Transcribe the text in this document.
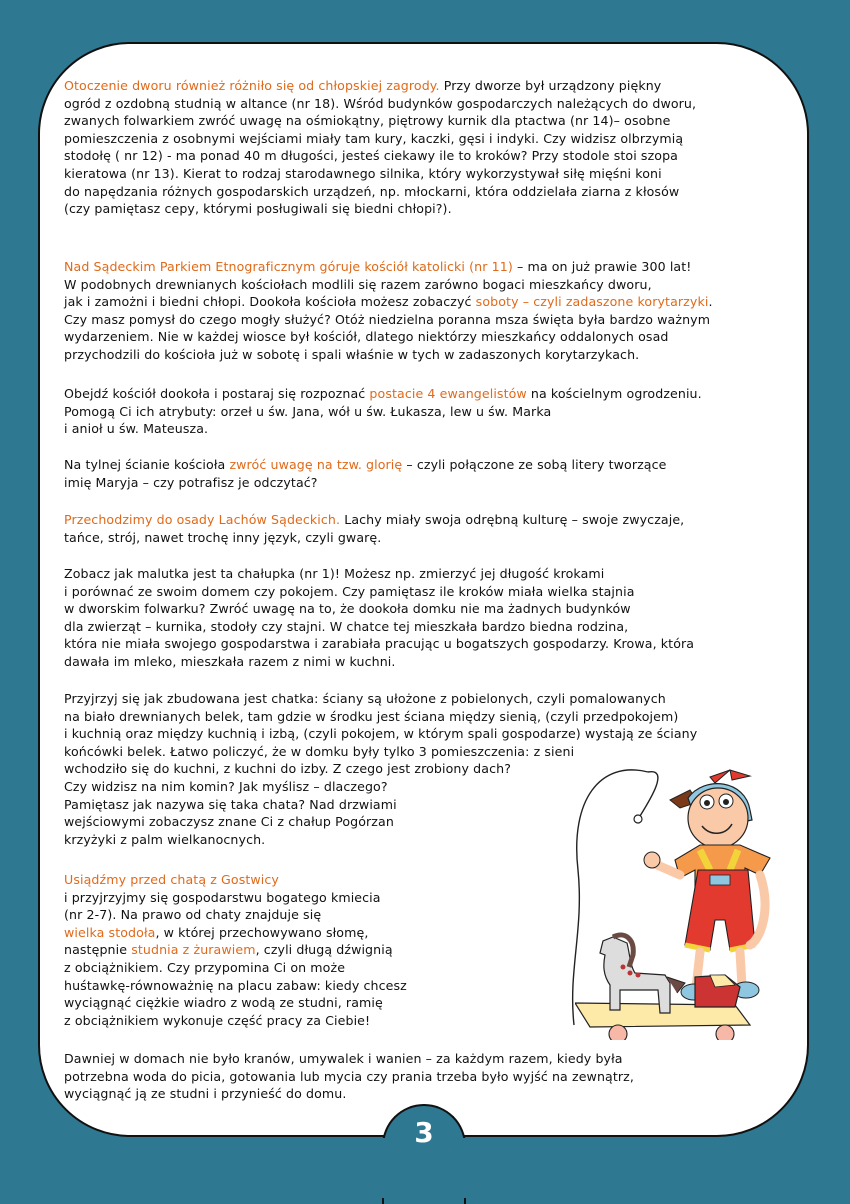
Otoczenie dworu również różniło się od chłopskiej zagrody. Przy dworze był urządzony piękny
ogród z ozdobną studnią w altance (nr 18). Wśród budynków gospodarczych należących do dworu,
zwanych folwarkiem zwróć uwagę na ośmiokątny, piętrowy kurnik dla ptactwa (nr 14)– osobne
pomieszczenia z osobnymi wejściami miały tam kury, kaczki, gęsi i indyki. Czy widzisz olbrzymią
stodołę ( nr 12) - ma ponad 40 m długości, jesteś ciekawy ile to kroków? Przy stodole stoi szopa
kieratowa (nr 13). Kierat to rodzaj starodawnego silnika, który wykorzystywał siłę mięśni koni
do napędzania różnych gospodarskich urządzeń, np. młockarni, która oddzielała ziarna z kłosów
(czy pamiętasz cepy, którymi posługiwali się biedni chłopi?).
Nad Sądeckim Parkiem Etnograficznym góruje kościół katolicki (nr 11) – ma on już prawie 300 lat!
W podobnych drewnianych kościołach modlili się razem zarówno bogaci mieszkańcy dworu,
jak i zamożni i biedni chłopi. Dookoła kościoła możesz zobaczyć soboty – czyli zadaszone korytarzyki.
Czy masz pomysł do czego mogły służyć? Otóż niedzielna poranna msza święta była bardzo ważnym
wydarzeniem. Nie w każdej wiosce był kościół, dlatego niektórzy mieszkańcy oddalonych osad
przychodzili do kościoła już w sobotę i spali właśnie w tych w zadaszonych korytarzykach.
Obejdź kościół dookoła i postaraj się rozpoznać postacie 4 ewangelistów na kościelnym ogrodzeniu.
Pomogą Ci ich atrybuty: orzeł u św. Jana, wół u św. Łukasza, lew u św. Marka
i anioł u św. Mateusza.
Na tylnej ścianie kościoła zwróć uwagę na tzw. glorię – czyli połączone ze sobą litery tworzące
imię Maryja – czy potrafisz je odczytać?
Przechodzimy do osady Lachów Sądeckich. Lachy miały swoja odrębną kulturę – swoje zwyczaje,
tańce, strój, nawet trochę inny język, czyli gwarę.
Zobacz jak malutka jest ta chałupka (nr 1)! Możesz np. zmierzyć jej długość krokami
i porównać ze swoim domem czy pokojem. Czy pamiętasz ile kroków miała wielka stajnia
w dworskim folwarku? Zwróć uwagę na to, że dookoła domku nie ma żadnych budynków
dla zwierząt – kurnika, stodoły czy stajni. W chatce tej mieszkała bardzo biedna rodzina,
która nie miała swojego gospodarstwa i zarabiała pracując u bogatszych gospodarzy. Krowa, która
dawała im mleko, mieszkała razem z nimi w kuchni.
Przyjrzyj się jak zbudowana jest chatka: ściany są ułożone z pobielonych, czyli pomalowanych
na biało drewnianych belek, tam gdzie w środku jest ściana między sienią, (czyli przedpokojem)
i kuchnią oraz między kuchnią i izbą, (czyli pokojem, w którym spali gospodarze) wystają ze ściany
końcówki belek. Łatwo policzyć, że w domku były tylko 3 pomieszczenia: z sieni
wchodziło się do kuchni, z kuchni do izby. Z czego jest zrobiony dach?
Czy widzisz na nim komin? Jak myślisz – dlaczego?
Pamiętasz jak nazywa się taka chata? Nad drzwiami
wejściowymi zobaczysz znane Ci z chałup Pogórzan
krzyżyki z palm wielkanocnych.
Usiądźmy przed chatą z Gostwicy
i przyjrzyjmy się gospodarstwu bogatego kmiecia
(nr 2-7). Na prawo od chaty znajduje się
wielka stodoła, w której przechowywano słomę,
następnie studnia z żurawiem, czyli długą dźwignią
z obciążnikiem. Czy przypomina Ci on może
huśtawkę-równoważnię na placu zabaw: kiedy chcesz
wyciągnąć ciężkie wiadro z wodą ze studni, ramię
z obciążnikiem wykonuje część pracy za Ciebie!
Dawniej w domach nie było kranów, umywalek i wanien – za każdym razem, kiedy była
potrzebna woda do picia, gotowania lub mycia czy prania trzeba było wyjść na zewnątrz,
wyciągnąć ją ze studni i przynieść do domu.
3
